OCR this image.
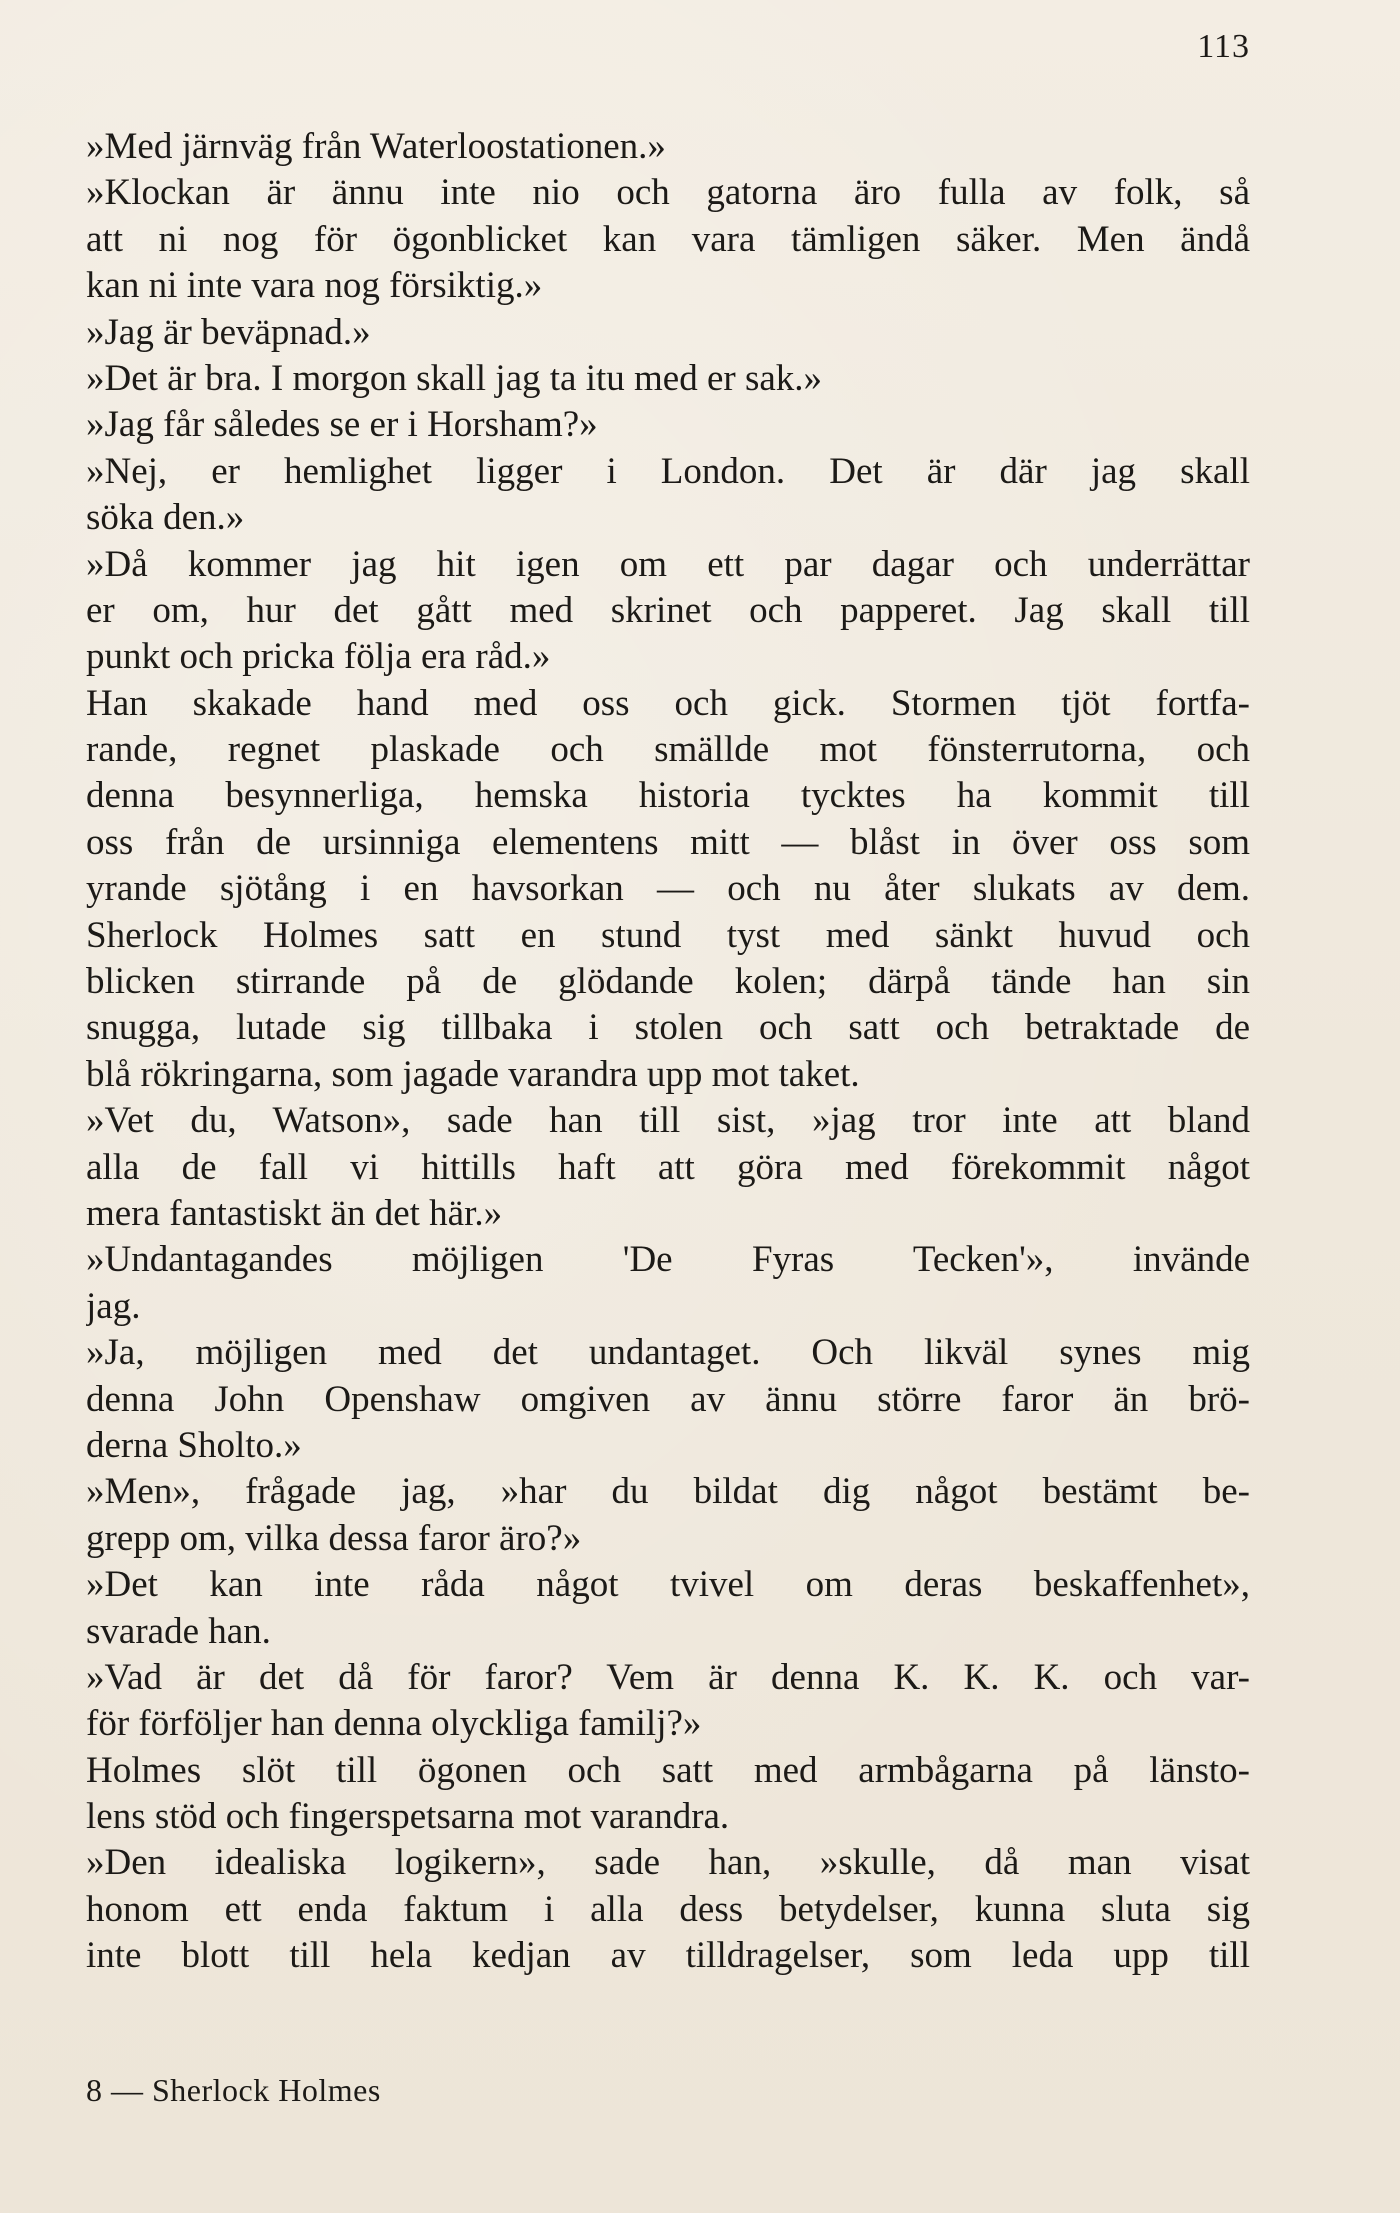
113
»Med järnväg från Waterloostationen.»
»Klockan är ännu inte nio och gatorna äro fulla av folk, så
att ni nog för ögonblicket kan vara tämligen säker. Men ändå
kan ni inte vara nog försiktig.»
»Jag är beväpnad.»
»Det är bra. I morgon skall jag ta itu med er sak.»
»Jag får således se er i Horsham?»
»Nej, er hemlighet ligger i London. Det är där jag skall
söka den.»
»Då kommer jag hit igen om ett par dagar och underrättar
er om, hur det gått med skrinet och papperet. Jag skall till
punkt och pricka följa era råd.»
Han skakade hand med oss och gick. Stormen tjöt fortfa-
rande, regnet plaskade och smällde mot fönsterrutorna, och
denna besynnerliga, hemska historia tycktes ha kommit till
oss från de ursinniga elementens mitt — blåst in över oss som
yrande sjötång i en havsorkan — och nu åter slukats av dem.
Sherlock Holmes satt en stund tyst med sänkt huvud och
blicken stirrande på de glödande kolen; därpå tände han sin
snugga, lutade sig tillbaka i stolen och satt och betraktade de
blå rökringarna, som jagade varandra upp mot taket.
»Vet du, Watson», sade han till sist, »jag tror inte att bland
alla de fall vi hittills haft att göra med förekommit något
mera fantastiskt än det här.»
»Undantagandes möjligen 'De Fyras Tecken'», invände
jag.
»Ja, möjligen med det undantaget. Och likväl synes mig
denna John Openshaw omgiven av ännu större faror än brö-
derna Sholto.»
»Men», frågade jag, »har du bildat dig något bestämt be-
grepp om, vilka dessa faror äro?»
»Det kan inte råda något tvivel om deras beskaffenhet»,
svarade han.
»Vad är det då för faror? Vem är denna K. K. K. och var-
för förföljer han denna olyckliga familj?»
Holmes slöt till ögonen och satt med armbågarna på länsto-
lens stöd och fingerspetsarna mot varandra.
»Den idealiska logikern», sade han, »skulle, då man visat
honom ett enda faktum i alla dess betydelser, kunna sluta sig
inte blott till hela kedjan av tilldragelser, som leda upp till
8 — Sherlock Holmes
